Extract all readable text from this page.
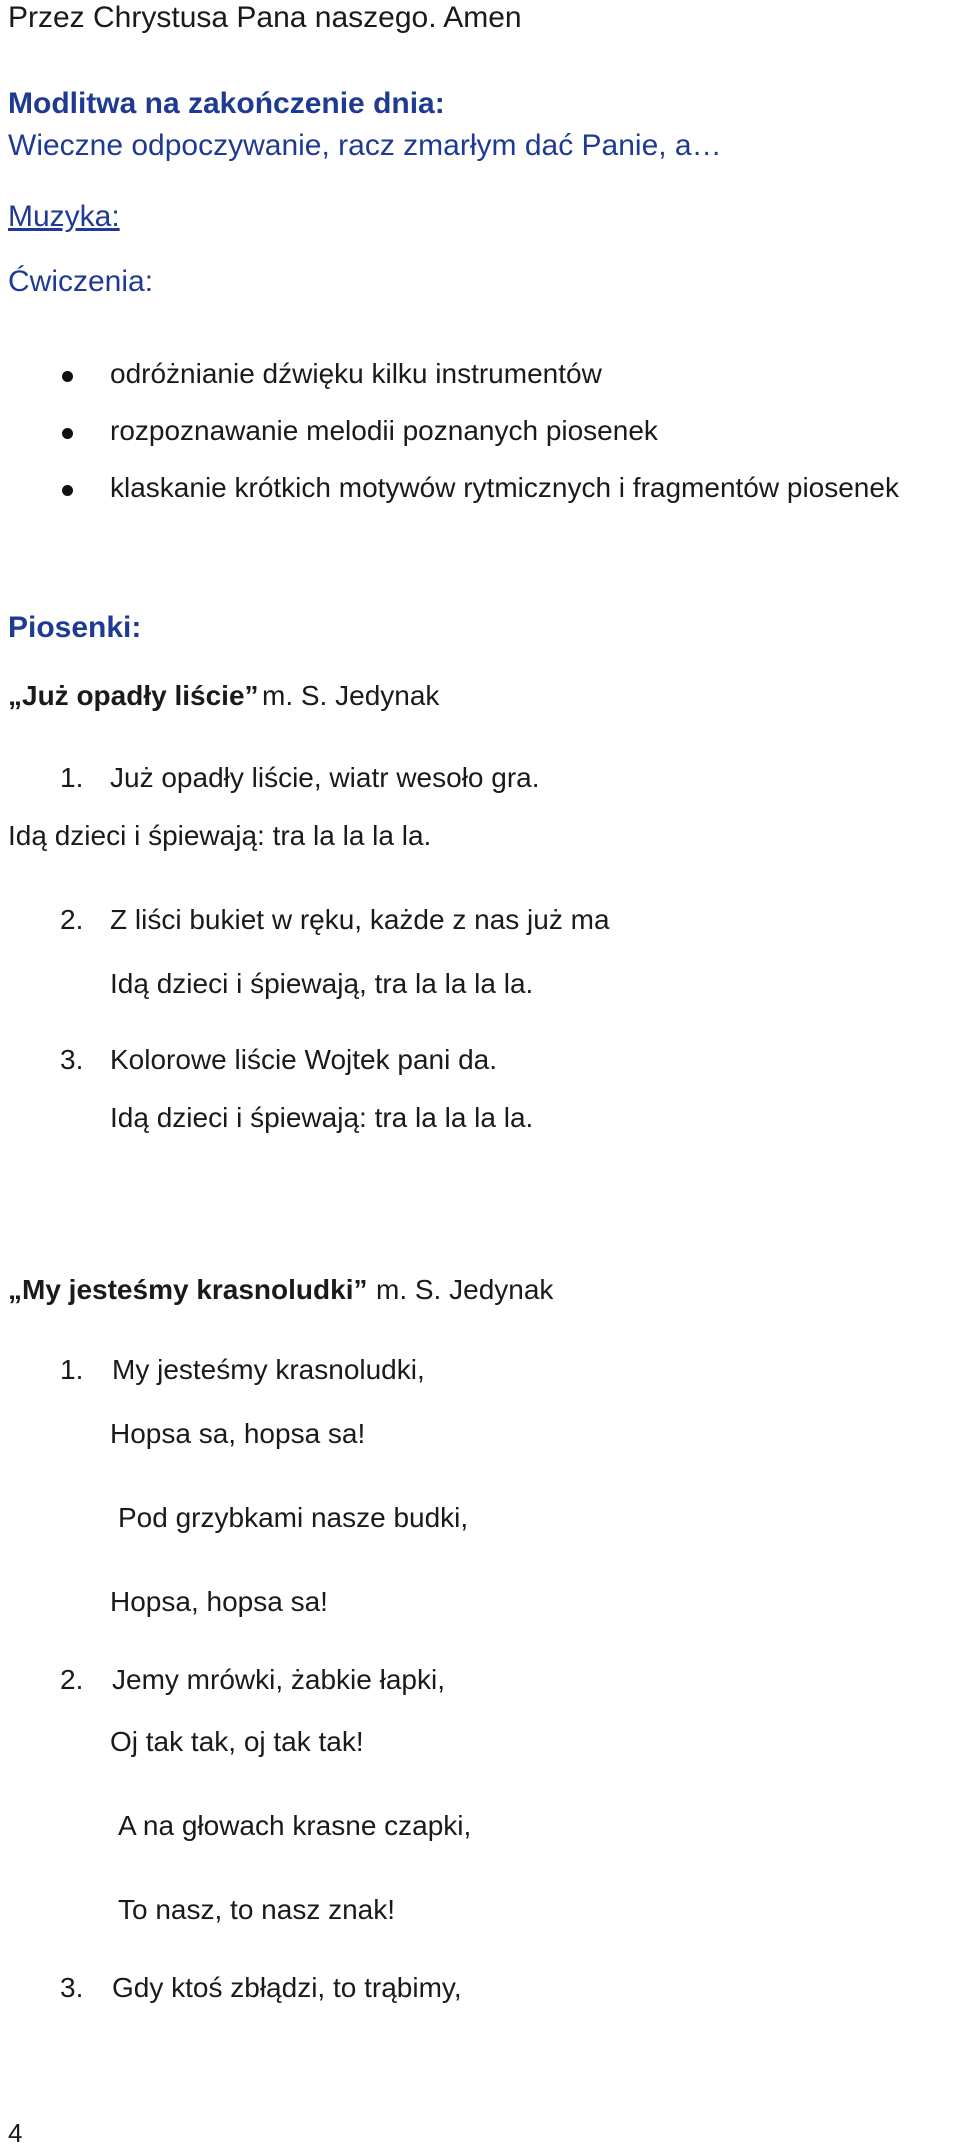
Przez Chrystusa Pana naszego. Amen
Modlitwa na zakończenie dnia:
Wieczne odpoczywanie, racz zmarłym dać Panie, a…
Muzyka:
Ćwiczenia:
odróżnianie dźwięku kilku instrumentów
rozpoznawanie melodii poznanych piosenek
klaskanie krótkich motywów rytmicznych i fragmentów piosenek
Piosenki:
„Już opadły liście” m. S. Jedynak
1. Już opadły liście, wiatr wesoło gra.
Idą dzieci i śpiewają: tra la la la la.
2. Z liści bukiet w ręku, każde z nas już ma
Idą dzieci i śpiewają, tra la la la la.
3. Kolorowe liście Wojtek pani da.
Idą dzieci i śpiewają: tra la la la la.
„My jesteśmy krasnoludki” m. S. Jedynak
1. My jesteśmy krasnoludki,
Hopsa sa, hopsa sa!
Pod grzybkami nasze budki,
Hopsa, hopsa sa!
2. Jemy mrówki, żabkie łapki,
Oj tak tak, oj tak tak!
A na głowach krasne czapki,
To nasz, to nasz znak!
3. Gdy ktoś zbłądzi, to trąbimy,
4
